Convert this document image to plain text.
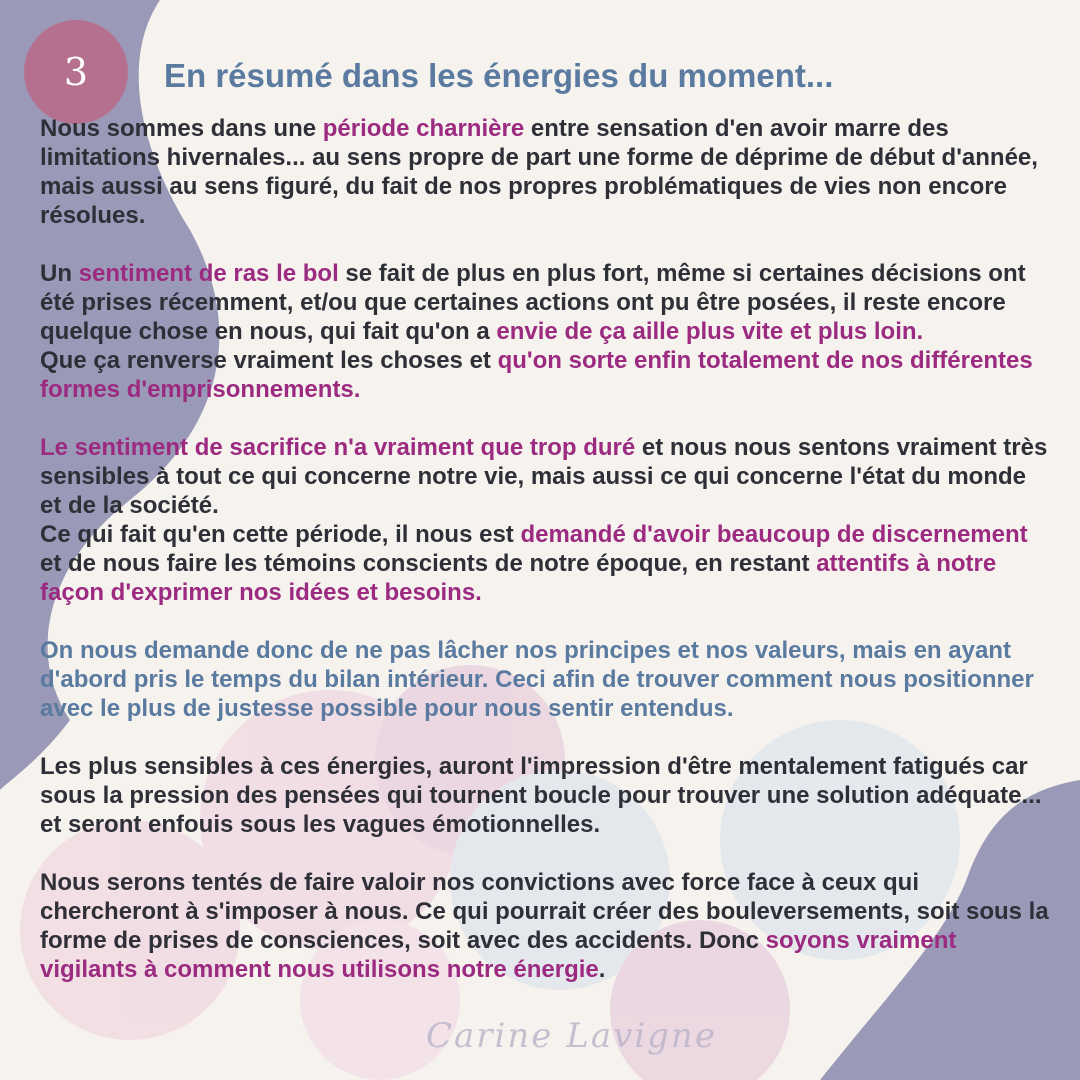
3	En résumé dans les énergies du moment...

Nous sommes dans une période charnière entre sensation d'en avoir marre des limitations hivernales... au sens propre de part une forme de déprime de début d'année, mais aussi au sens figuré, du fait de nos propres problématiques de vies non encore résolues.

Un sentiment de ras le bol se fait de plus en plus fort, même si certaines décisions ont été prises récemment, et/ou que certaines actions ont pu être posées, il reste encore quelque chose en nous, qui fait qu'on a envie de ça aille plus vite et plus loin.
Que ça renverse vraiment les choses et qu'on sorte enfin totalement de nos différentes formes d'emprisonnements.

Le sentiment de sacrifice n'a vraiment que trop duré et nous nous sentons vraiment très sensibles à tout ce qui concerne notre vie, mais aussi ce qui concerne l'état du monde et de la société.
Ce qui fait qu'en cette période, il nous est demandé d'avoir beaucoup de discernement et de nous faire les témoins conscients de notre époque, en restant attentifs à notre façon d'exprimer nos idées et besoins.

On nous demande donc de ne pas lâcher nos principes et nos valeurs, mais en ayant d'abord pris le temps du bilan intérieur. Ceci afin de trouver comment nous positionner avec le plus de justesse possible pour nous sentir entendus.

Les plus sensibles à ces énergies, auront l'impression d'être mentalement fatigués car sous la pression des pensées qui tournent boucle pour trouver une solution adéquate... et seront enfouis sous les vagues émotionnelles.

Nous serons tentés de faire valoir nos convictions avec force face à ceux qui chercheront à s'imposer à nous. Ce qui pourrait créer des bouleversements, soit sous la forme de prises de consciences, soit avec des accidents. Donc soyons vraiment vigilants à comment nous utilisons notre énergie.

Carine Lavigne
